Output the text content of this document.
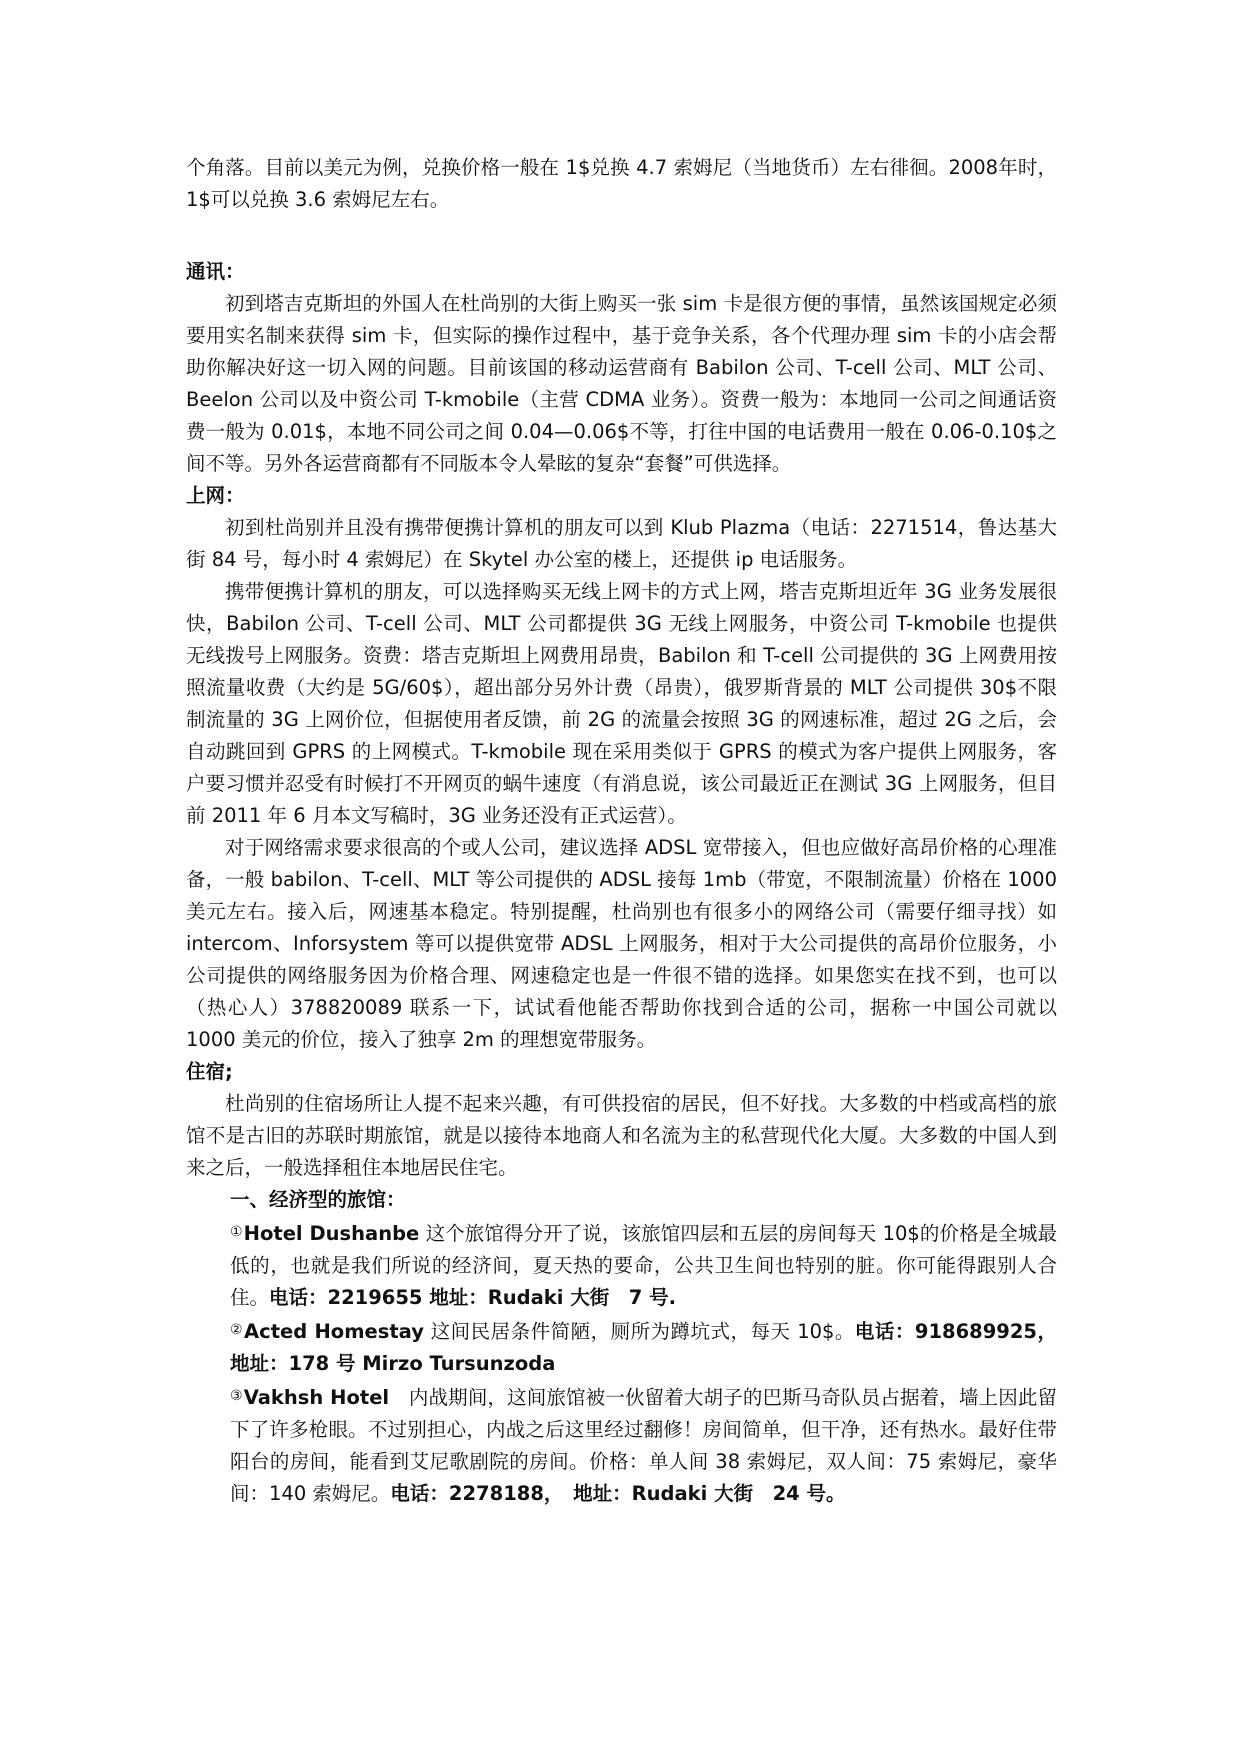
个角落。目前以美元为例，兑换价格一般在 1$兑换 4.7 索姆尼（当地货币）左右徘徊。2008年时，1$可以兑换 3.6 索姆尼左右。

通讯：

初到塔吉克斯坦的外国人在杜尚别的大街上购买一张 sim 卡是很方便的事情，虽然该国规定必须要用实名制来获得 sim 卡，但实际的操作过程中，基于竞争关系，各个代理办理 sim 卡的小店会帮助你解决好这一切入网的问题。目前该国的移动运营商有 Babilon 公司、T-cell 公司、MLT 公司、Beelon 公司以及中资公司 T-kmobile（主营 CDMA 业务）。资费一般为：本地同一公司之间通话资费一般为 0.01$，本地不同公司之间 0.04—0.06$不等，打往中国的电话费用一般在 0.06-0.10$之间不等。另外各运营商都有不同版本令人晕眩的复杂“套餐”可供选择。

上网：

初到杜尚别并且没有携带便携计算机的朋友可以到 Klub Plazma（电话：2271514，鲁达基大街 84 号，每小时 4 索姆尼）在 Skytel 办公室的楼上，还提供 ip 电话服务。

携带便携计算机的朋友，可以选择购买无线上网卡的方式上网，塔吉克斯坦近年 3G 业务发展很快，Babilon 公司、T-cell 公司、MLT 公司都提供 3G 无线上网服务，中资公司 T-kmobile 也提供无线拨号上网服务。资费：塔吉克斯坦上网费用昂贵，Babilon 和 T-cell 公司提供的 3G 上网费用按照流量收费（大约是 5G/60$），超出部分另外计费（昂贵），俄罗斯背景的 MLT 公司提供 30$不限制流量的 3G 上网价位，但据使用者反馈，前 2G 的流量会按照 3G 的网速标准，超过 2G 之后，会自动跳回到 GPRS 的上网模式。T-kmobile 现在采用类似于 GPRS 的模式为客户提供上网服务，客户要习惯并忍受有时候打不开网页的蜗牛速度（有消息说，该公司最近正在测试 3G 上网服务，但目前 2011 年 6 月本文写稿时，3G 业务还没有正式运营）。

对于网络需求要求很高的个或人公司，建议选择 ADSL 宽带接入，但也应做好高昂价格的心理准备，一般 babilon、T-cell、MLT 等公司提供的 ADSL 接每 1mb（带宽，不限制流量）价格在 1000 美元左右。接入后，网速基本稳定。特别提醒，杜尚别也有很多小的网络公司（需要仔细寻找）如 intercom、Inforsystem 等可以提供宽带 ADSL 上网服务，相对于大公司提供的高昂价位服务，小公司提供的网络服务因为价格合理、网速稳定也是一件很不错的选择。如果您实在找不到，也可以（热心人）378820089 联系一下，试试看他能否帮助你找到合适的公司，据称一中国公司就以 1000 美元的价位，接入了独享 2m 的理想宽带服务。

住宿;

杜尚别的住宿场所让人提不起来兴趣，有可供投宿的居民，但不好找。大多数的中档或高档的旅馆不是古旧的苏联时期旅馆，就是以接待本地商人和名流为主的私营现代化大厦。大多数的中国人到来之后，一般选择租住本地居民住宅。

一、经济型的旅馆：

①Hotel Dushanbe 这个旅馆得分开了说，该旅馆四层和五层的房间每天 10$的价格是全城最低的，也就是我们所说的经济间，夏天热的要命，公共卫生间也特别的脏。你可能得跟别人合住。电话：2219655 地址：Rudaki 大街　7 号.

②Acted Homestay 这间民居条件简陋，厕所为蹲坑式，每天 10$。电话：918689925，地址：178 号 Mirzo Tursunzoda

③Vakhsh Hotel　内战期间，这间旅馆被一伙留着大胡子的巴斯马奇队员占据着，墙上因此留下了许多枪眼。不过别担心，内战之后这里经过翻修！房间简单，但干净，还有热水。最好住带阳台的房间，能看到艾尼歌剧院的房间。价格：单人间 38 索姆尼，双人间：75 索姆尼，豪华间：140 索姆尼。电话：2278188，　地址：Rudaki 大街　24 号。
